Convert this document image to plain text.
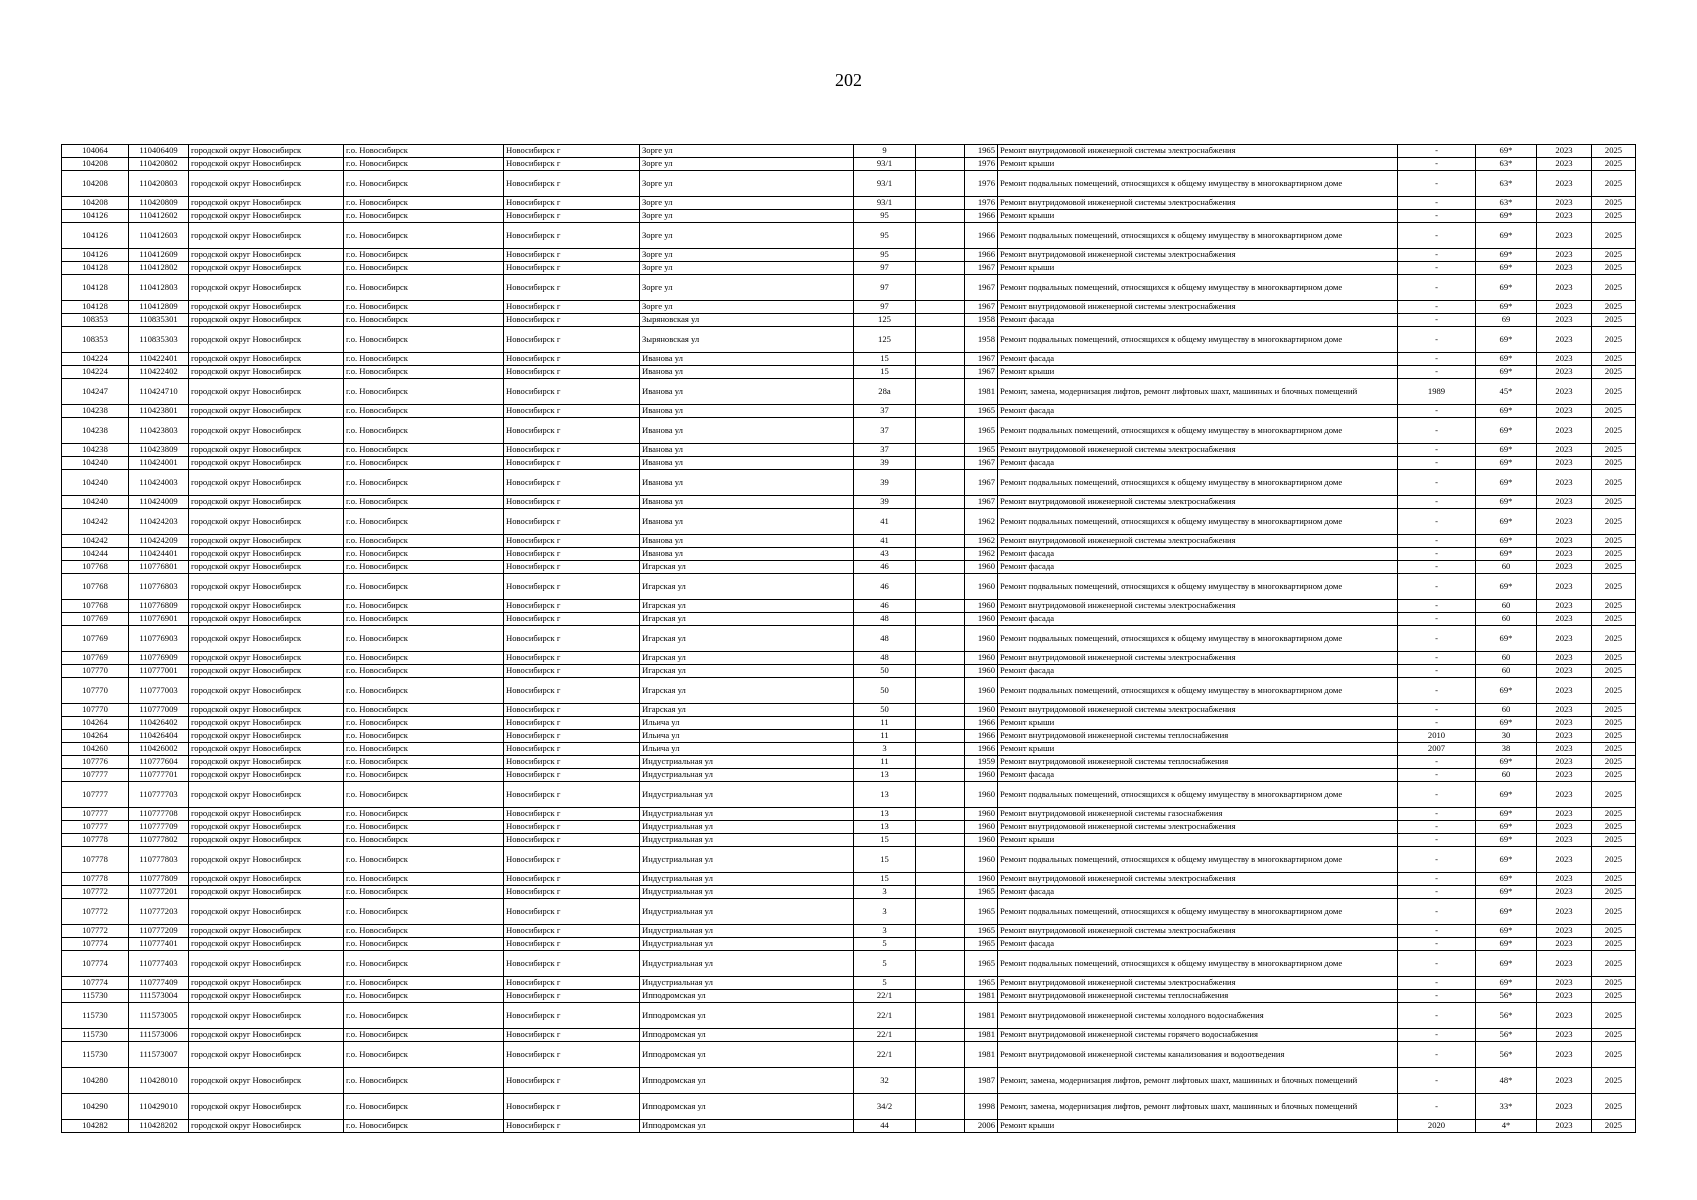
202
104064	110406409	городской округ Новосибирск	г.о. Новосибирск	Новосибирск г	Зорге ул	9		1965	Ремонт внутридомовой инженерной системы электроснабжения	-	69*	2023	2025
104208	110420802	городской округ Новосибирск	г.о. Новосибирск	Новосибирск г	Зорге ул	93/1		1976	Ремонт крыши	-	63*	2023	2025
104208	110420803	городской округ Новосибирск	г.о. Новосибирск	Новосибирск г	Зорге ул	93/1		1976	Ремонт подвальных помещений, относящихся к общему имуществу в многоквартирном доме	-	63*	2023	2025
104208	110420809	городской округ Новосибирск	г.о. Новосибирск	Новосибирск г	Зорге ул	93/1		1976	Ремонт внутридомовой инженерной системы электроснабжения	-	63*	2023	2025
104126	110412602	городской округ Новосибирск	г.о. Новосибирск	Новосибирск г	Зорге ул	95		1966	Ремонт крыши	-	69*	2023	2025
104126	110412603	городской округ Новосибирск	г.о. Новосибирск	Новосибирск г	Зорге ул	95		1966	Ремонт подвальных помещений, относящихся к общему имуществу в многоквартирном доме	-	69*	2023	2025
104126	110412609	городской округ Новосибирск	г.о. Новосибирск	Новосибирск г	Зорге ул	95		1966	Ремонт внутридомовой инженерной системы электроснабжения	-	69*	2023	2025
104128	110412802	городской округ Новосибирск	г.о. Новосибирск	Новосибирск г	Зорге ул	97		1967	Ремонт крыши	-	69*	2023	2025
104128	110412803	городской округ Новосибирск	г.о. Новосибирск	Новосибирск г	Зорге ул	97		1967	Ремонт подвальных помещений, относящихся к общему имуществу в многоквартирном доме	-	69*	2023	2025
104128	110412809	городской округ Новосибирск	г.о. Новосибирск	Новосибирск г	Зорге ул	97		1967	Ремонт внутридомовой инженерной системы электроснабжения	-	69*	2023	2025
108353	110835301	городской округ Новосибирск	г.о. Новосибирск	Новосибирск г	Зыряновская ул	125		1958	Ремонт фасада	-	69	2023	2025
108353	110835303	городской округ Новосибирск	г.о. Новосибирск	Новосибирск г	Зыряновская ул	125		1958	Ремонт подвальных помещений, относящихся к общему имуществу в многоквартирном доме	-	69*	2023	2025
104224	110422401	городской округ Новосибирск	г.о. Новосибирск	Новосибирск г	Иванова ул	15		1967	Ремонт фасада	-	69*	2023	2025
104224	110422402	городской округ Новосибирск	г.о. Новосибирск	Новосибирск г	Иванова ул	15		1967	Ремонт крыши	-	69*	2023	2025
104247	110424710	городской округ Новосибирск	г.о. Новосибирск	Новосибирск г	Иванова ул	28а		1981	Ремонт, замена, модернизация лифтов, ремонт лифтовых шахт, машинных и блочных помещений	1989	45*	2023	2025
104238	110423801	городской округ Новосибирск	г.о. Новосибирск	Новосибирск г	Иванова ул	37		1965	Ремонт фасада	-	69*	2023	2025
104238	110423803	городской округ Новосибирск	г.о. Новосибирск	Новосибирск г	Иванова ул	37		1965	Ремонт подвальных помещений, относящихся к общему имуществу в многоквартирном доме	-	69*	2023	2025
104238	110423809	городской округ Новосибирск	г.о. Новосибирск	Новосибирск г	Иванова ул	37		1965	Ремонт внутридомовой инженерной системы электроснабжения	-	69*	2023	2025
104240	110424001	городской округ Новосибирск	г.о. Новосибирск	Новосибирск г	Иванова ул	39		1967	Ремонт фасада	-	69*	2023	2025
104240	110424003	городской округ Новосибирск	г.о. Новосибирск	Новосибирск г	Иванова ул	39		1967	Ремонт подвальных помещений, относящихся к общему имуществу в многоквартирном доме	-	69*	2023	2025
104240	110424009	городской округ Новосибирск	г.о. Новосибирск	Новосибирск г	Иванова ул	39		1967	Ремонт внутридомовой инженерной системы электроснабжения	-	69*	2023	2025
104242	110424203	городской округ Новосибирск	г.о. Новосибирск	Новосибирск г	Иванова ул	41		1962	Ремонт подвальных помещений, относящихся к общему имуществу в многоквартирном доме	-	69*	2023	2025
104242	110424209	городской округ Новосибирск	г.о. Новосибирск	Новосибирск г	Иванова ул	41		1962	Ремонт внутридомовой инженерной системы электроснабжения	-	69*	2023	2025
104244	110424401	городской округ Новосибирск	г.о. Новосибирск	Новосибирск г	Иванова ул	43		1962	Ремонт фасада	-	69*	2023	2025
107768	110776801	городской округ Новосибирск	г.о. Новосибирск	Новосибирск г	Игарская ул	46		1960	Ремонт фасада	-	60	2023	2025
107768	110776803	городской округ Новосибирск	г.о. Новосибирск	Новосибирск г	Игарская ул	46		1960	Ремонт подвальных помещений, относящихся к общему имуществу в многоквартирном доме	-	69*	2023	2025
107768	110776809	городской округ Новосибирск	г.о. Новосибирск	Новосибирск г	Игарская ул	46		1960	Ремонт внутридомовой инженерной системы электроснабжения	-	60	2023	2025
107769	110776901	городской округ Новосибирск	г.о. Новосибирск	Новосибирск г	Игарская ул	48		1960	Ремонт фасада	-	60	2023	2025
107769	110776903	городской округ Новосибирск	г.о. Новосибирск	Новосибирск г	Игарская ул	48		1960	Ремонт подвальных помещений, относящихся к общему имуществу в многоквартирном доме	-	69*	2023	2025
107769	110776909	городской округ Новосибирск	г.о. Новосибирск	Новосибирск г	Игарская ул	48		1960	Ремонт внутридомовой инженерной системы электроснабжения	-	60	2023	2025
107770	110777001	городской округ Новосибирск	г.о. Новосибирск	Новосибирск г	Игарская ул	50		1960	Ремонт фасада	-	60	2023	2025
107770	110777003	городской округ Новосибирск	г.о. Новосибирск	Новосибирск г	Игарская ул	50		1960	Ремонт подвальных помещений, относящихся к общему имуществу в многоквартирном доме	-	69*	2023	2025
107770	110777009	городской округ Новосибирск	г.о. Новосибирск	Новосибирск г	Игарская ул	50		1960	Ремонт внутридомовой инженерной системы электроснабжения	-	60	2023	2025
104264	110426402	городской округ Новосибирск	г.о. Новосибирск	Новосибирск г	Ильича ул	11		1966	Ремонт крыши	-	69*	2023	2025
104264	110426404	городской округ Новосибирск	г.о. Новосибирск	Новосибирск г	Ильича ул	11		1966	Ремонт внутридомовой инженерной системы теплоснабжения	2010	30	2023	2025
104260	110426002	городской округ Новосибирск	г.о. Новосибирск	Новосибирск г	Ильича ул	3		1966	Ремонт крыши	2007	38	2023	2025
107776	110777604	городской округ Новосибирск	г.о. Новосибирск	Новосибирск г	Индустриальная ул	11		1959	Ремонт внутридомовой инженерной системы теплоснабжения	-	69*	2023	2025
107777	110777701	городской округ Новосибирск	г.о. Новосибирск	Новосибирск г	Индустриальная ул	13		1960	Ремонт фасада	-	60	2023	2025
107777	110777703	городской округ Новосибирск	г.о. Новосибирск	Новосибирск г	Индустриальная ул	13		1960	Ремонт подвальных помещений, относящихся к общему имуществу в многоквартирном доме	-	69*	2023	2025
107777	110777708	городской округ Новосибирск	г.о. Новосибирск	Новосибирск г	Индустриальная ул	13		1960	Ремонт внутридомовой инженерной системы газоснабжения	-	69*	2023	2025
107777	110777709	городской округ Новосибирск	г.о. Новосибирск	Новосибирск г	Индустриальная ул	13		1960	Ремонт внутридомовой инженерной системы электроснабжения	-	69*	2023	2025
107778	110777802	городской округ Новосибирск	г.о. Новосибирск	Новосибирск г	Индустриальная ул	15		1960	Ремонт крыши	-	69*	2023	2025
107778	110777803	городской округ Новосибирск	г.о. Новосибирск	Новосибирск г	Индустриальная ул	15		1960	Ремонт подвальных помещений, относящихся к общему имуществу в многоквартирном доме	-	69*	2023	2025
107778	110777809	городской округ Новосибирск	г.о. Новосибирск	Новосибирск г	Индустриальная ул	15		1960	Ремонт внутридомовой инженерной системы электроснабжения	-	69*	2023	2025
107772	110777201	городской округ Новосибирск	г.о. Новосибирск	Новосибирск г	Индустриальная ул	3		1965	Ремонт фасада	-	69*	2023	2025
107772	110777203	городской округ Новосибирск	г.о. Новосибирск	Новосибирск г	Индустриальная ул	3		1965	Ремонт подвальных помещений, относящихся к общему имуществу в многоквартирном доме	-	69*	2023	2025
107772	110777209	городской округ Новосибирск	г.о. Новосибирск	Новосибирск г	Индустриальная ул	3		1965	Ремонт внутридомовой инженерной системы электроснабжения	-	69*	2023	2025
107774	110777401	городской округ Новосибирск	г.о. Новосибирск	Новосибирск г	Индустриальная ул	5		1965	Ремонт фасада	-	69*	2023	2025
107774	110777403	городской округ Новосибирск	г.о. Новосибирск	Новосибирск г	Индустриальная ул	5		1965	Ремонт подвальных помещений, относящихся к общему имуществу в многоквартирном доме	-	69*	2023	2025
107774	110777409	городской округ Новосибирск	г.о. Новосибирск	Новосибирск г	Индустриальная ул	5		1965	Ремонт внутридомовой инженерной системы электроснабжения	-	69*	2023	2025
115730	111573004	городской округ Новосибирск	г.о. Новосибирск	Новосибирск г	Ипподромская ул	22/1		1981	Ремонт внутридомовой инженерной системы теплоснабжения	-	56*	2023	2025
115730	111573005	городской округ Новосибирск	г.о. Новосибирск	Новосибирск г	Ипподромская ул	22/1		1981	Ремонт внутридомовой инженерной системы холодного водоснабжения	-	56*	2023	2025
115730	111573006	городской округ Новосибирск	г.о. Новосибирск	Новосибирск г	Ипподромская ул	22/1		1981	Ремонт внутридомовой инженерной системы горячего водоснабжения	-	56*	2023	2025
115730	111573007	городской округ Новосибирск	г.о. Новосибирск	Новосибирск г	Ипподромская ул	22/1		1981	Ремонт внутридомовой инженерной системы канализования и водоотведения	-	56*	2023	2025
104280	110428010	городской округ Новосибирск	г.о. Новосибирск	Новосибирск г	Ипподромская ул	32		1987	Ремонт, замена, модернизация лифтов, ремонт лифтовых шахт, машинных и блочных помещений	-	48*	2023	2025
104290	110429010	городской округ Новосибирск	г.о. Новосибирск	Новосибирск г	Ипподромская ул	34/2		1998	Ремонт, замена, модернизация лифтов, ремонт лифтовых шахт, машинных и блочных помещений	-	33*	2023	2025
104282	110428202	городской округ Новосибирск	г.о. Новосибирск	Новосибирск г	Ипподромская ул	44		2006	Ремонт крыши	2020	4*	2023	2025
